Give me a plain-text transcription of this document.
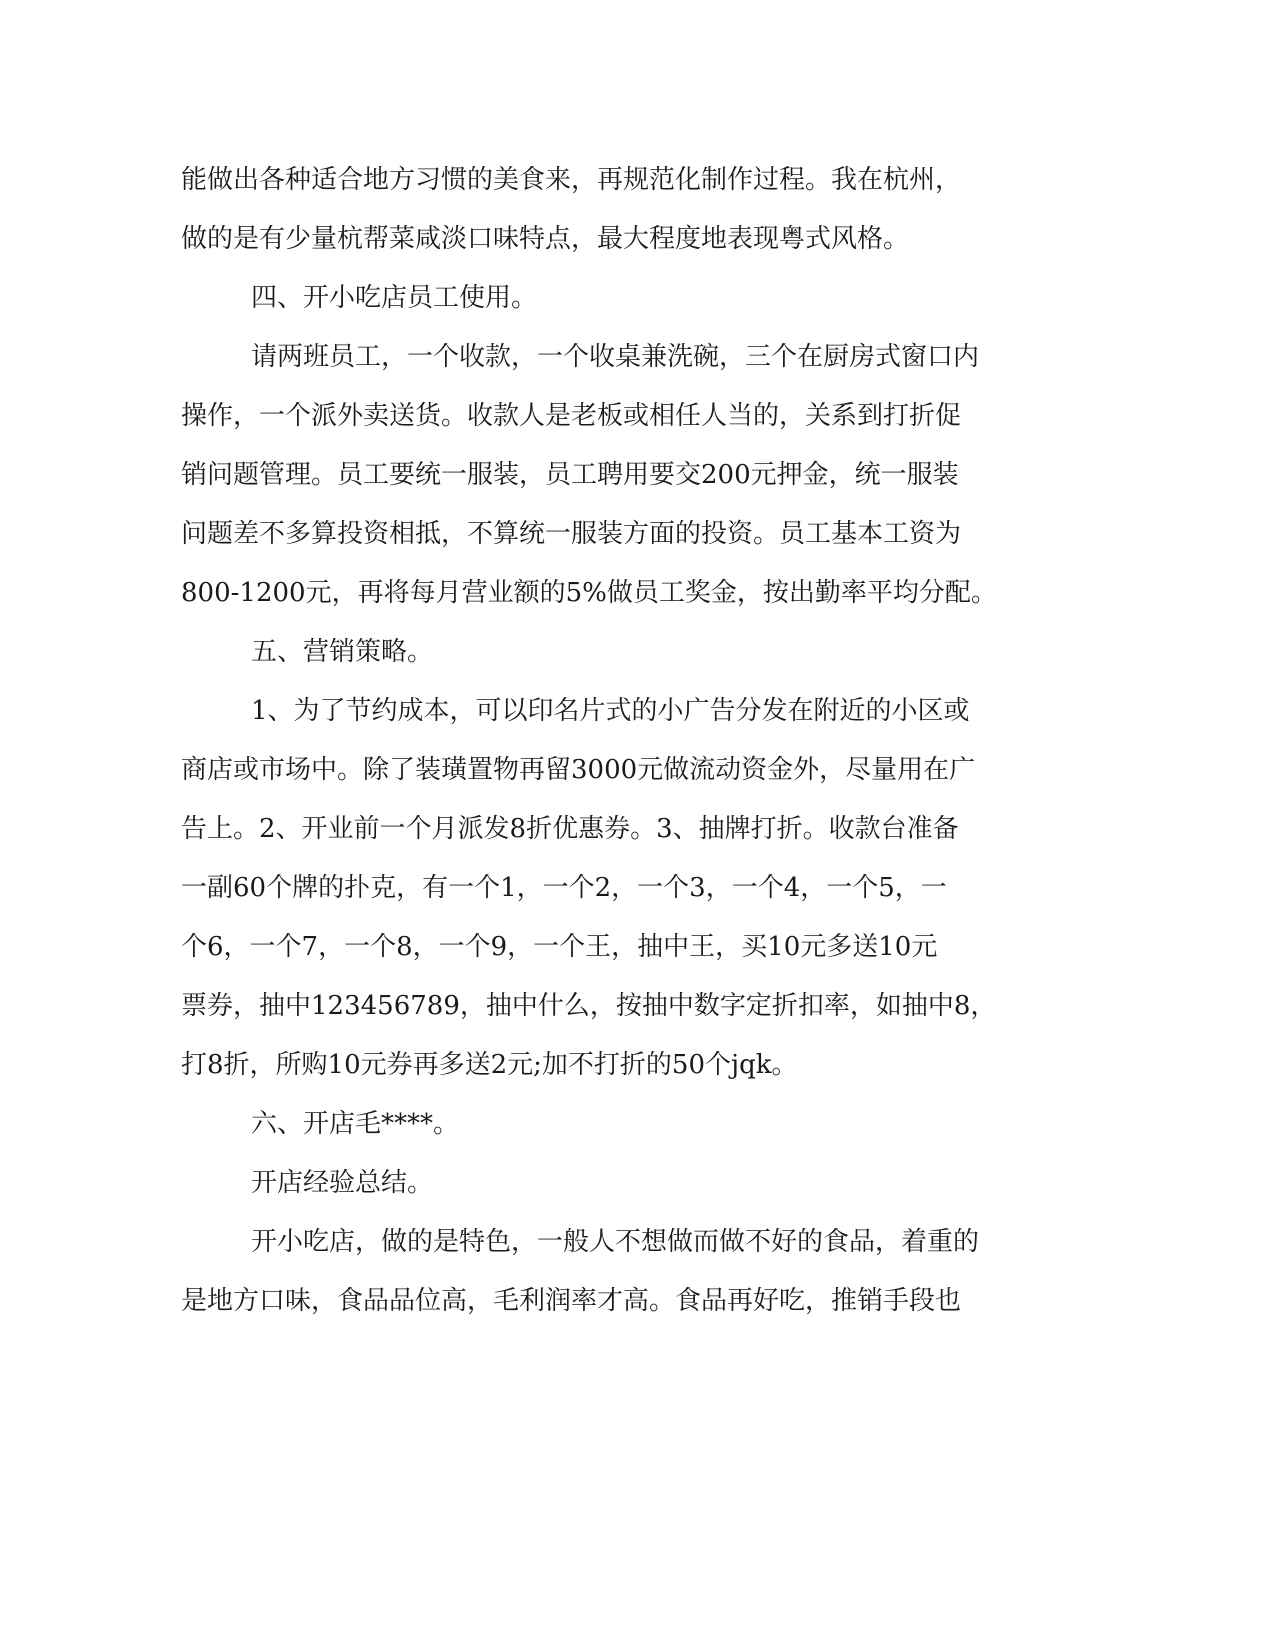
能做出各种适合地方习惯的美食来，再规范化制作过程。我在杭州，

做的是有少量杭帮菜咸淡口味特点，最大程度地表现粤式风格。

四、开小吃店员工使用。

请两班员工，一个收款，一个收桌兼洗碗，三个在厨房式窗口内

操作，一个派外卖送货。收款人是老板或相任人当的，关系到打折促

销问题管理。员工要统一服装，员工聘用要交200元押金，统一服装

问题差不多算投资相抵，不算统一服装方面的投资。员工基本工资为

800-1200元，再将每月营业额的5%做员工奖金，按出勤率平均分配。

五、营销策略。

1、为了节约成本，可以印名片式的小广告分发在附近的小区或

商店或市场中。除了装璜置物再留3000元做流动资金外，尽量用在广

告上。2、开业前一个月派发8折优惠券。3、抽牌打折。收款台准备

一副60个牌的扑克，有一个1，一个2，一个3，一个4，一个5，一

个6，一个7，一个8，一个9，一个王，抽中王，买10元多送10元

票券，抽中123456789，抽中什么，按抽中数字定折扣率，如抽中8，

打8折，所购10元券再多送2元;加不打折的50个jqk。

六、开店毛****。

开店经验总结。

开小吃店，做的是特色，一般人不想做而做不好的食品，着重的

是地方口味，食品品位高，毛利润率才高。食品再好吃，推销手段也
